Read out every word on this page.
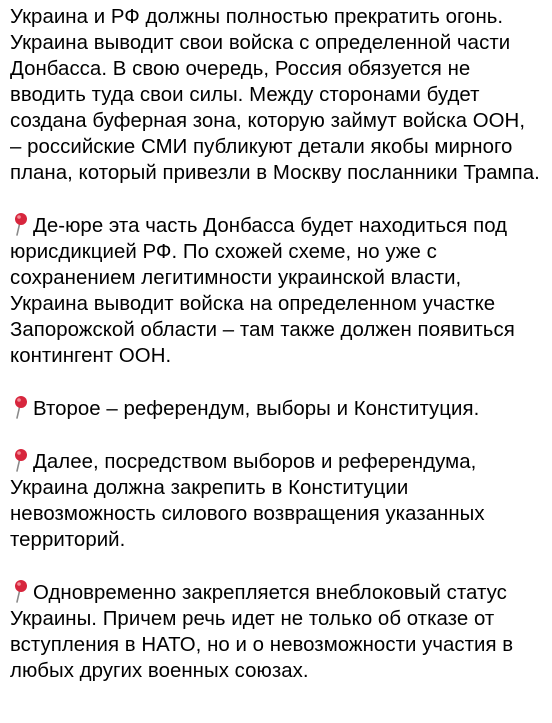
Украина и РФ должны полностью прекратить огонь. Украина выводит свои войска с определенной части Донбасса. В свою очередь, Россия обязуется не вводить туда свои силы. Между сторонами будет создана буферная зона, которую займут войска ООН, – российские СМИ публикуют детали якобы мирного плана, который привезли в Москву посланники Трампа.

Де-юре эта часть Донбасса будет находиться под юрисдикцией РФ. По схожей схеме, но уже с сохранением легитимности украинской власти, Украина выводит войска на определенном участке Запорожской области – там также должен появиться контингент ООН.

Второе – референдум, выборы и Конституция.

Далее, посредством выборов и референдума, Украина должна закрепить в Конституции невозможность силового возвращения указанных территорий.

Одновременно закрепляется внеблоковый статус Украины. Причем речь идет не только об отказе от вступления в НАТО, но и о невозможности участия в любых других военных союзах.
